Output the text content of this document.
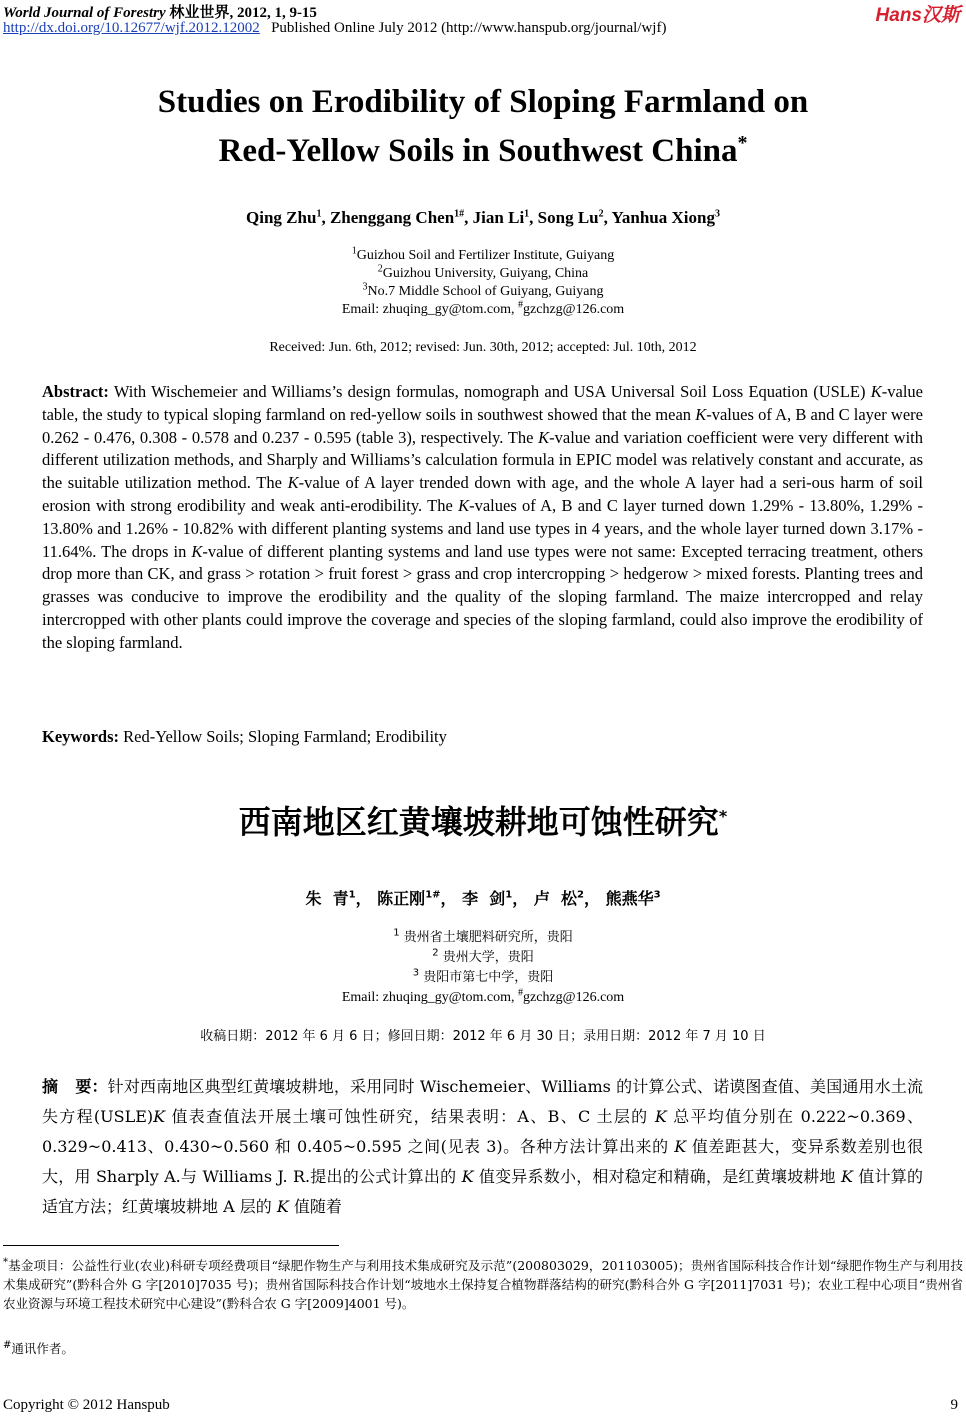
World Journal of Forestry 林业世界, 2012, 1, 9-15
http://dx.doi.org/10.12677/wjf.2012.12002 Published Online July 2012 (http://www.hanspub.org/journal/wjf)
Hans汉斯
Studies on Erodibility of Sloping Farmland on
Red-Yellow Soils in Southwest China*
Qing Zhu$^1$, Zhenggang Chen$^{1\#}$, Jian Li$^1$, Song Lu$^2$, Yanhua Xiong$^3$
$^1$Guizhou Soil and Fertilizer Institute, Guiyang
$^2$Guizhou University, Guiyang, China
$^3$No.7 Middle School of Guiyang, Guiyang
Email: zhuqing_gy@tom.com, #gzchzg@126.com
Received: Jun. 6th, 2012; revised: Jun. 30th, 2012; accepted: Jul. 10th, 2012
Abstract: With Wischemeier and Williams’s design formulas, nomograph and USA Universal Soil Loss Equation (USLE) K-value table, the study to typical sloping farmland on red-yellow soils in southwest showed that the mean K-values of A, B and C layer were 0.262 - 0.476, 0.308 - 0.578 and 0.237 - 0.595 (table 3), respectively. The K-value and variation coefficient were very different with different utilization methods, and Sharply and Williams’s calculation formula in EPIC model was relatively constant and accurate, as the suitable utilization method. The K-value of A layer trended down with age, and the whole A layer had a seri-ous harm of soil erosion with strong erodibility and weak anti-erodibility. The K-values of A, B and C layer turned down 1.29% - 13.80%, 1.29% - 13.80% and 1.26% - 10.82% with different planting systems and land use types in 4 years, and the whole layer turned down 3.17% - 11.64%. The drops in K-value of different planting systems and land use types were not same: Excepted terracing treatment, others drop more than CK, and grass > rotation > fruit forest > grass and crop intercropping > hedgerow > mixed forests. Planting trees and grasses was conducive to improve the erodibility and the quality of the sloping farmland. The maize intercropped and relay intercropped with other plants could improve the coverage and species of the sloping farmland, could also improve the erodibility of the sloping farmland.
Keywords: Red-Yellow Soils; Sloping Farmland; Erodibility
西南地区红黄壤坡耕地可蚀性研究*
朱  青$^1$， 陈正刚$^{1\#}$， 李  剑$^1$， 卢  松$^2$， 熊燕华$^3$
$^1$ 贵州省土壤肥料研究所，贵阳
$^2$ 贵州大学，贵阳
$^3$ 贵阳市第七中学，贵阳
Email: zhuqing_gy@tom.com, #gzchzg@126.com
收稿日期：2012 年 6 月 6 日；修回日期：2012 年 6 月 30 日；录用日期：2012 年 7 月 10 日
摘   要：针对西南地区典型红黄壤坡耕地，采用同时 Wischemeier、Williams 的计算公式、诺谟图查值、美国通用水土流失方程(USLE)K 值表查值法开展土壤可蚀性研究，结果表明：A、B、C 土层的 K 总平均值分别在 0.222~0.369、0.329~0.413、0.430~0.560 和 0.405~0.595 之间(见表 3)。各种方法计算出来的 K 值差距甚大，变异系数差别也很大，用 Sharply A.与 Williams J. R.提出的公式计算出的 K 值变异系数小，相对稳定和精确，是红黄壤坡耕地 K 值计算的适宜方法；红黄壤坡耕地 A 层的 K 值随着
*基金项目：公益性行业(农业)科研专项经费项目“绿肥作物生产与利用技术集成研究及示范”(200803029，201103005)；贵州省国际科技合作计划“绿肥作物生产与利用技术集成研究”(黔科合外 G 字[2010]7035 号)；贵州省国际科技合作计划“坡地水土保持复合植物群落结构的研究(黔科合外 G 字[2011]7031 号)；农业工程中心项目“贵州省农业资源与环境工程技术研究中心建设”(黔科合农 G 字[2009]4001 号)。
#通讯作者。
Copyright © 2012 Hanspub	9
